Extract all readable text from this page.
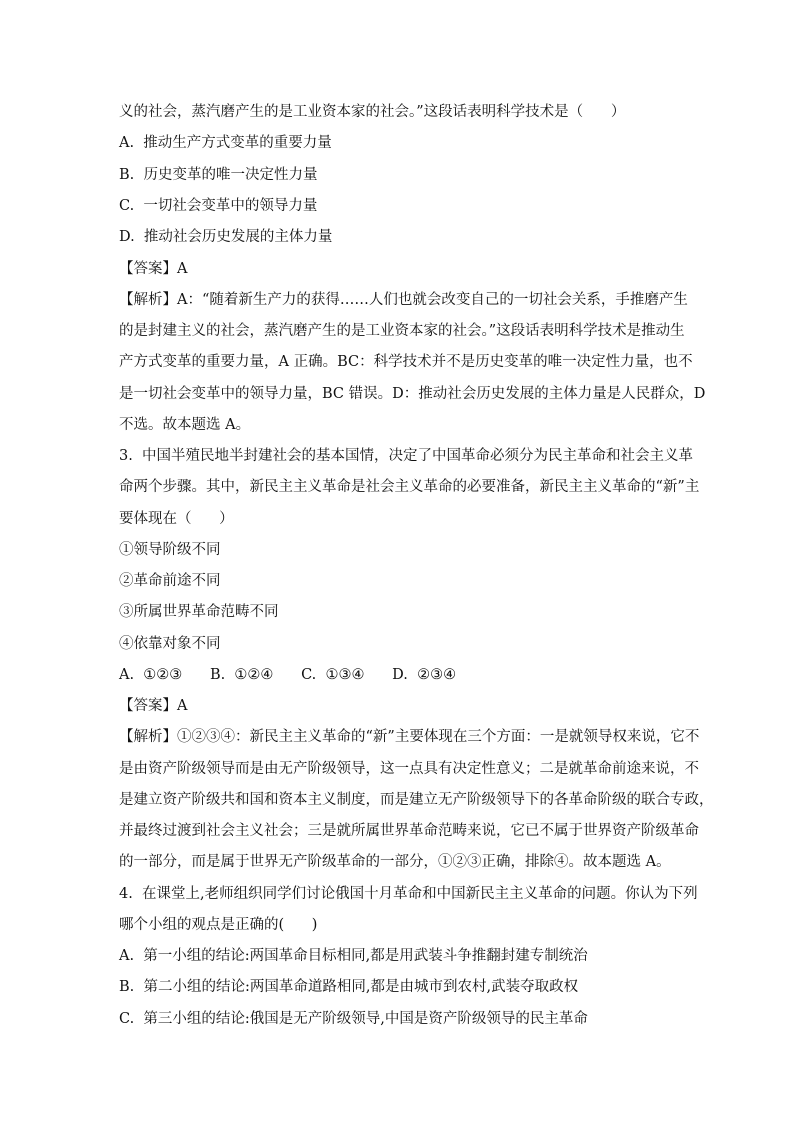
义的社会，蒸汽磨产生的是工业资本家的社会。”这段话表明科学技术是（      ）
A.  推动生产方式变革的重要力量
B.  历史变革的唯一决定性力量
C.  一切社会变革中的领导力量
D.  推动社会历史发展的主体力量
【答案】A
【解析】A：“随着新生产力的获得……人们也就会改变自己的一切社会关系，手推磨产生
的是封建主义的社会，蒸汽磨产生的是工业资本家的社会。”这段话表明科学技术是推动生
产方式变革的重要力量，A 正确。BC：科学技术并不是历史变革的唯一决定性力量，也不
是一切社会变革中的领导力量，BC 错误。D：推动社会历史发展的主体力量是人民群众，D
不选。故本题选 A。
3.  中国半殖民地半封建社会的基本国情，决定了中国革命必须分为民主革命和社会主义革
命两个步骤。其中，新民主主义革命是社会主义革命的必要准备，新民主主义革命的“新”主
要体现在（      ）
①领导阶级不同
②革命前途不同
③所属世界革命范畴不同
④依靠对象不同
A.  ①②③      B.  ①②④      C.  ①③④      D.  ②③④
【答案】A
【解析】①②③④：新民主主义革命的“新”主要体现在三个方面：一是就领导权来说，它不
是由资产阶级领导而是由无产阶级领导，这一点具有决定性意义；二是就革命前途来说，不
是建立资产阶级共和国和资本主义制度，而是建立无产阶级领导下的各革命阶级的联合专政，
并最终过渡到社会主义社会；三是就所属世界革命范畴来说，它已不属于世界资产阶级革命
的一部分，而是属于世界无产阶级革命的一部分，①②③正确，排除④。故本题选 A。
4.  在课堂上,老师组织同学们讨论俄国十月革命和中国新民主主义革命的问题。你认为下列
哪个小组的观点是正确的(      )
A.  第一小组的结论:两国革命目标相同,都是用武装斗争推翻封建专制统治
B.  第二小组的结论:两国革命道路相同,都是由城市到农村,武装夺取政权
C.  第三小组的结论:俄国是无产阶级领导,中国是资产阶级领导的民主革命
